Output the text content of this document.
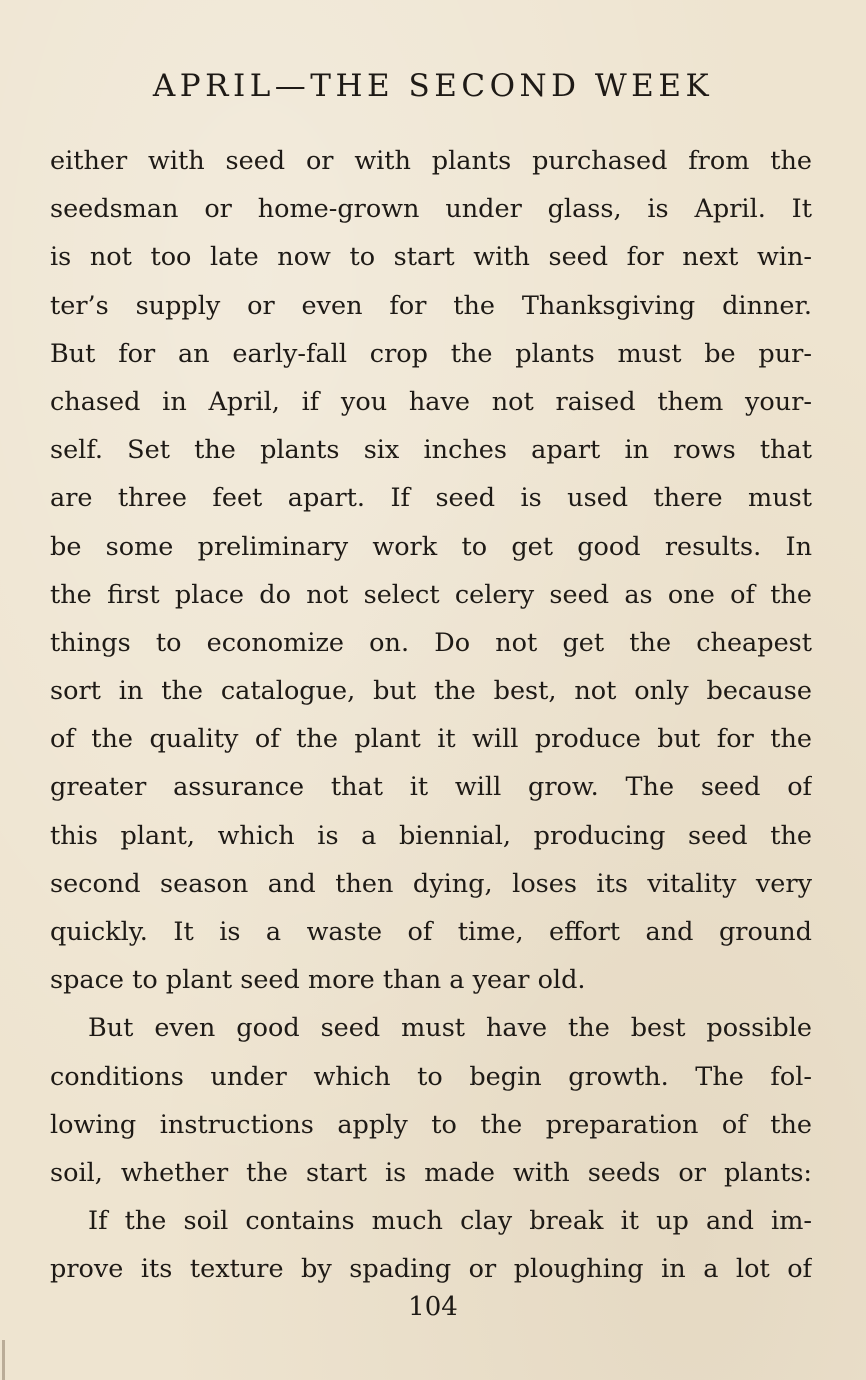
APRIL—THE SECOND WEEK
either with seed or with plants purchased from the
seedsman or home-grown under glass, is April. It
is not too late now to start with seed for next win-
ter’s supply or even for the Thanksgiving dinner.
But for an early-fall crop the plants must be pur-
chased in April, if you have not raised them your-
self. Set the plants six inches apart in rows that
are three feet apart. If seed is used there must
be some preliminary work to get good results. In
the first place do not select celery seed as one of the
things to economize on. Do not get the cheapest
sort in the catalogue, but the best, not only because
of the quality of the plant it will produce but for the
greater assurance that it will grow. The seed of
this plant, which is a biennial, producing seed the
second season and then dying, loses its vitality very
quickly. It is a waste of time, effort and ground
space to plant seed more than a year old.
But even good seed must have the best possible
conditions under which to begin growth. The fol-
lowing instructions apply to the preparation of the
soil, whether the start is made with seeds or plants:
If the soil contains much clay break it up and im-
prove its texture by spading or ploughing in a lot of
104
